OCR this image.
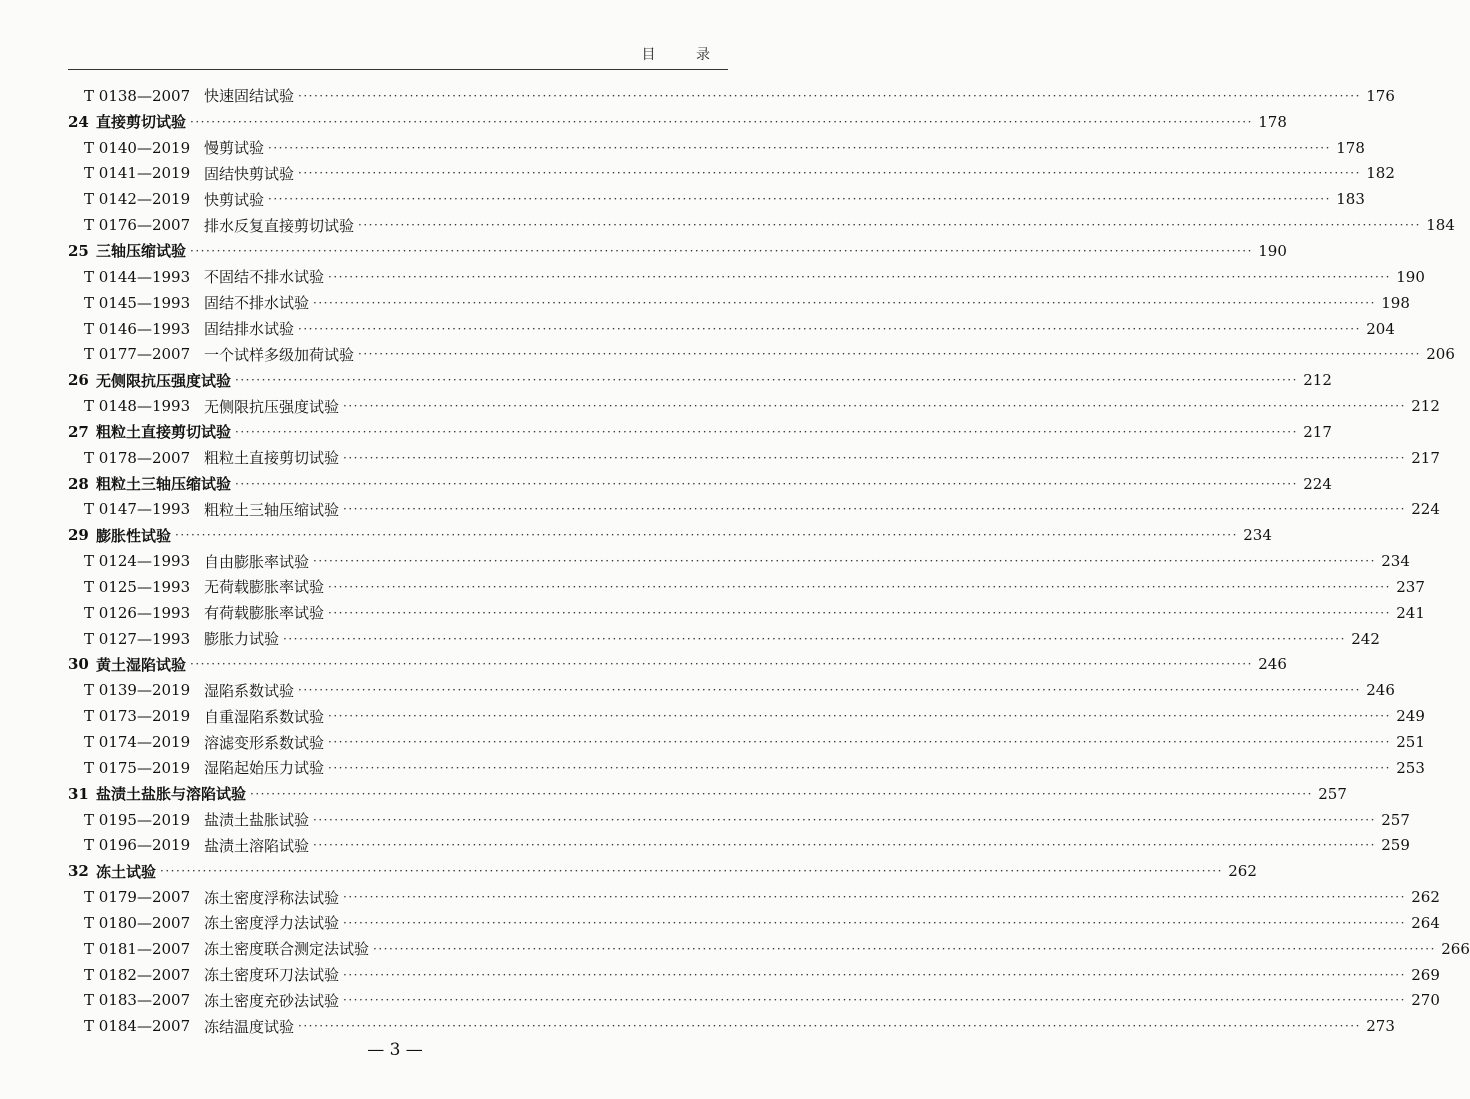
目 录
T 0138—2007 快速固结试验 ········································································································································································································ 176
24 直接剪切试验 ········································································································································································································ 178
T 0140—2019 慢剪试验 ········································································································································································································ 178
T 0141—2019 固结快剪试验 ········································································································································································································ 182
T 0142—2019 快剪试验 ········································································································································································································ 183
T 0176—2007 排水反复直接剪切试验 ········································································································································································································ 184
25 三轴压缩试验 ········································································································································································································ 190
T 0144—1993 不固结不排水试验 ········································································································································································································ 190
T 0145—1993 固结不排水试验 ········································································································································································································ 198
T 0146—1993 固结排水试验 ········································································································································································································ 204
T 0177—2007 一个试样多级加荷试验 ········································································································································································································ 206
26 无侧限抗压强度试验 ········································································································································································································ 212
T 0148—1993 无侧限抗压强度试验 ········································································································································································································ 212
27 粗粒土直接剪切试验 ········································································································································································································ 217
T 0178—2007 粗粒土直接剪切试验 ········································································································································································································ 217
28 粗粒土三轴压缩试验 ········································································································································································································ 224
T 0147—1993 粗粒土三轴压缩试验 ········································································································································································································ 224
29 膨胀性试验 ········································································································································································································ 234
T 0124—1993 自由膨胀率试验 ········································································································································································································ 234
T 0125—1993 无荷载膨胀率试验 ········································································································································································································ 237
T 0126—1993 有荷载膨胀率试验 ········································································································································································································ 241
T 0127—1993 膨胀力试验 ········································································································································································································ 242
30 黄土湿陷试验 ········································································································································································································ 246
T 0139—2019 湿陷系数试验 ········································································································································································································ 246
T 0173—2019 自重湿陷系数试验 ········································································································································································································ 249
T 0174—2019 溶滤变形系数试验 ········································································································································································································ 251
T 0175—2019 湿陷起始压力试验 ········································································································································································································ 253
31 盐渍土盐胀与溶陷试验 ········································································································································································································ 257
T 0195—2019 盐渍土盐胀试验 ········································································································································································································ 257
T 0196—2019 盐渍土溶陷试验 ········································································································································································································ 259
32 冻土试验 ········································································································································································································ 262
T 0179—2007 冻土密度浮称法试验 ········································································································································································································ 262
T 0180—2007 冻土密度浮力法试验 ········································································································································································································ 264
T 0181—2007 冻土密度联合测定法试验 ········································································································································································································ 266
T 0182—2007 冻土密度环刀法试验 ········································································································································································································ 269
T 0183—2007 冻土密度充砂法试验 ········································································································································································································ 270
T 0184—2007 冻结温度试验 ········································································································································································································ 273
— 3 —
